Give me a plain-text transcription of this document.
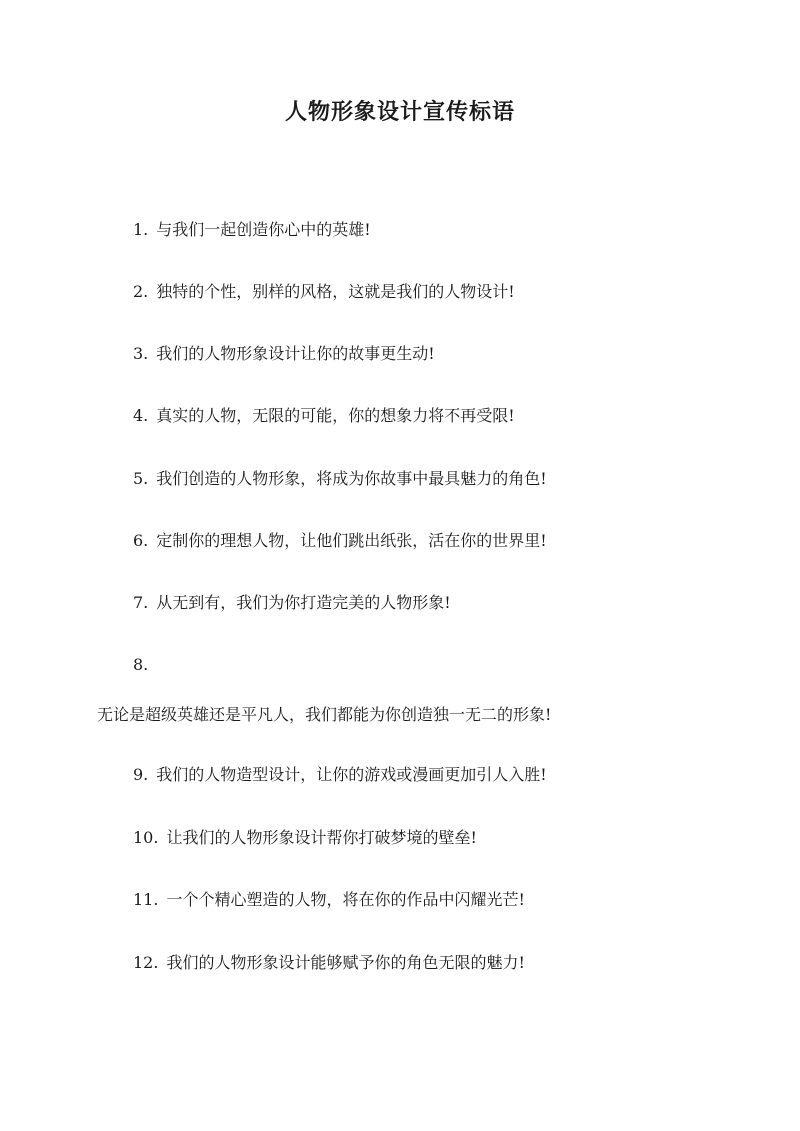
人物形象设计宣传标语
1. 与我们一起创造你心中的英雄!
2. 独特的个性，别样的风格，这就是我们的人物设计!
3. 我们的人物形象设计让你的故事更生动!
4. 真实的人物，无限的可能，你的想象力将不再受限!
5. 我们创造的人物形象，将成为你故事中最具魅力的角色!
6. 定制你的理想人物，让他们跳出纸张，活在你的世界里!
7. 从无到有，我们为你打造完美的人物形象!
8.
无论是超级英雄还是平凡人，我们都能为你创造独一无二的形象!
9. 我们的人物造型设计，让你的游戏或漫画更加引人入胜!
10. 让我们的人物形象设计帮你打破梦境的壁垒!
11. 一个个精心塑造的人物，将在你的作品中闪耀光芒!
12. 我们的人物形象设计能够赋予你的角色无限的魅力!
